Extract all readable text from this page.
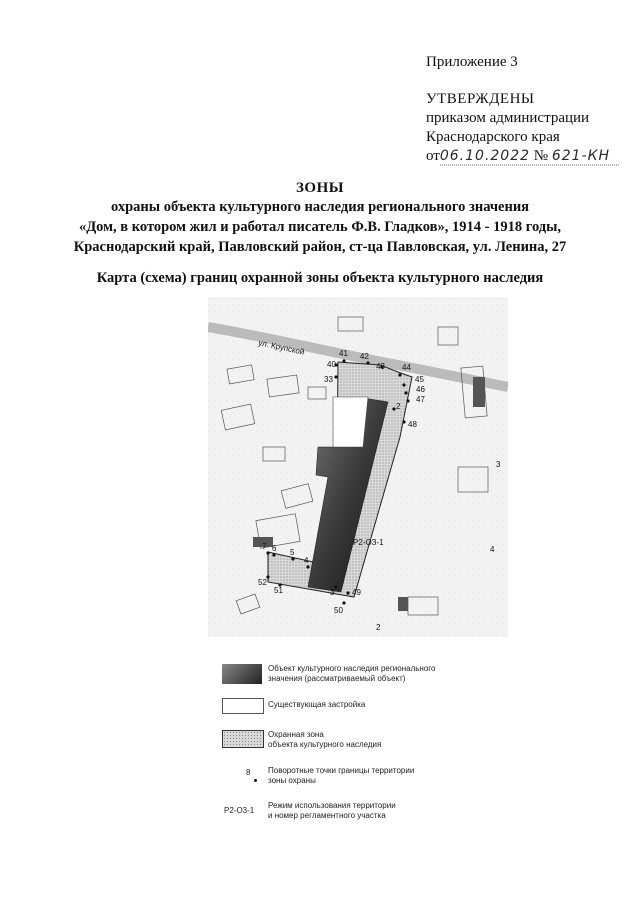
Приложение 3
УТВЕРЖДЕНЫ
приказом администрации
Краснодарского края
от06.10.2022 № 621-КН
ЗОНЫ
охраны объекта культурного наследия регионального значения
«Дом, в котором жил и работал писатель Ф.В. Гладков», 1914 - 1918 годы,
Краснодарский край, Павловский район, ст-ца Павловская, ул. Ленина, 27
Карта (схема) границ охранной зоны объекта культурного наследия
ул. Крупской
3
4
2
Р2-ОЗ-1
40
41 42
43 44
45
46
47
48
33
2
7 6 5
4
52
51	3 49
50
Объект культурного наследия регионального
значения (рассматриваемый объект)
Существующая застройка
Охранная зона
объекта культурного наследия
8 Поворотные точки границы территории
зоны охраны
Р2-О3-1
Режим использования территории
и номер регламентного участка
